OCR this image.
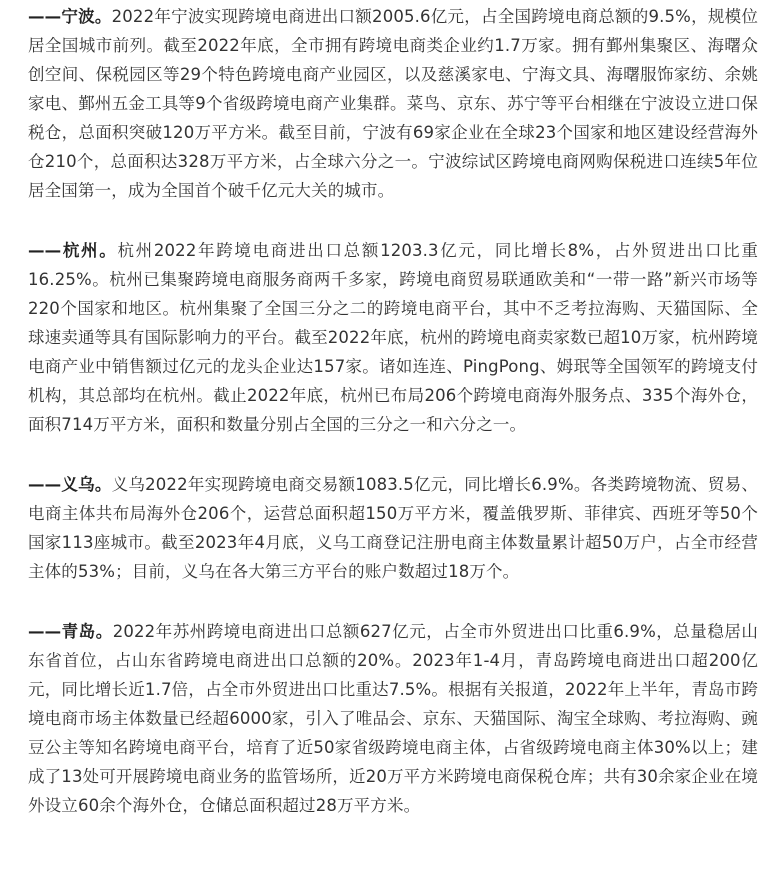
——宁波。2022年宁波实现跨境电商进出口额2005.6亿元，占全国跨境电商总额的9.5%，规模位居全国城市前列。截至2022年底，全市拥有跨境电商类企业约1.7万家。拥有鄞州集聚区、海曙众创空间、保税园区等29个特色跨境电商产业园区，以及慈溪家电、宁海文具、海曙服饰家纺、余姚家电、鄞州五金工具等9个省级跨境电商产业集群。菜鸟、京东、苏宁等平台相继在宁波设立进口保税仓，总面积突破120万平方米。截至目前，宁波有69家企业在全球23个国家和地区建设经营海外仓210个，总面积达328万平方米，占全球六分之一。宁波综试区跨境电商网购保税进口连续5年位居全国第一，成为全国首个破千亿元大关的城市。

——杭州。杭州2022年跨境电商进出口总额1203.3亿元，同比增长8%，占外贸进出口比重16.25%。杭州已集聚跨境电商服务商两千多家，跨境电商贸易联通欧美和“一带一路”新兴市场等220个国家和地区。杭州集聚了全国三分之二的跨境电商平台，其中不乏考拉海购、天猫国际、全球速卖通等具有国际影响力的平台。截至2022年底，杭州的跨境电商卖家数已超10万家，杭州跨境电商产业中销售额过亿元的龙头企业达157家。诸如连连、PingPong、姆珉等全国领军的跨境支付机构，其总部均在杭州。截止2022年底，杭州已布局206个跨境电商海外服务点、335个海外仓，面积714万平方米，面积和数量分别占全国的三分之一和六分之一。

——义乌。义乌2022年实现跨境电商交易额1083.5亿元，同比增长6.9%。各类跨境物流、贸易、电商主体共布局海外仓206个，运营总面积超150万平方米，覆盖俄罗斯、菲律宾、西班牙等50个国家113座城市。截至2023年4月底，义乌工商登记注册电商主体数量累计超50万户，占全市经营主体的53%；目前，义乌在各大第三方平台的账户数超过18万个。

——青岛。2022年苏州跨境电商进出口总额627亿元，占全市外贸进出口比重6.9%，总量稳居山东省首位，占山东省跨境电商进出口总额的20%。2023年1-4月，青岛跨境电商进出口超200亿元，同比增长近1.7倍，占全市外贸进出口比重达7.5%。根据有关报道，2022年上半年，青岛市跨境电商市场主体数量已经超6000家，引入了唯品会、京东、天猫国际、淘宝全球购、考拉海购、豌豆公主等知名跨境电商平台，培育了近50家省级跨境电商主体，占省级跨境电商主体30%以上；建成了13处可开展跨境电商业务的监管场所，近20万平方米跨境电商保税仓库；共有30余家企业在境外设立60余个海外仓，仓储总面积超过28万平方米。
